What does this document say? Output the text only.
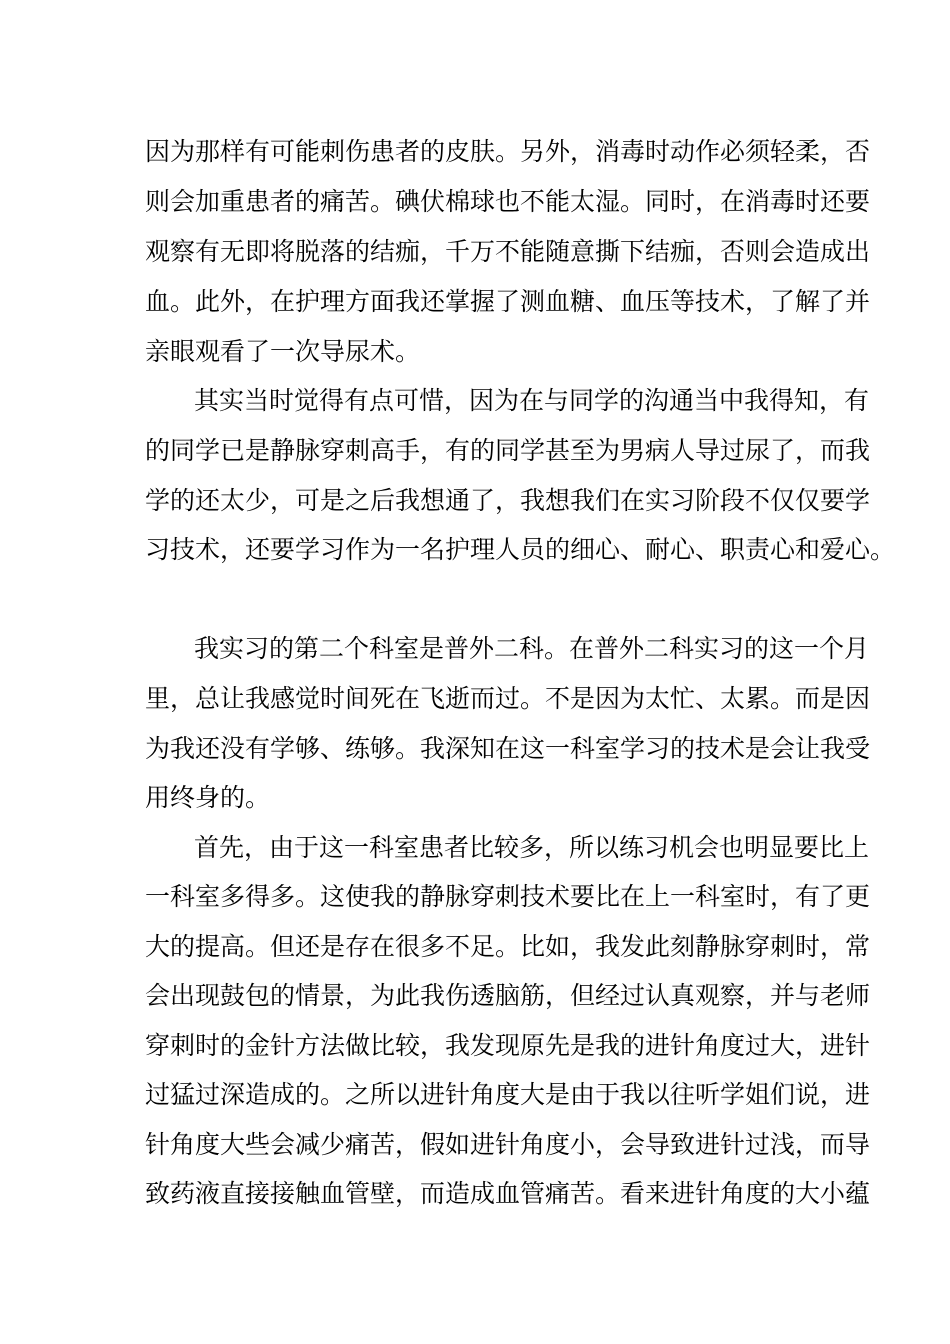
因为那样有可能刺伤患者的皮肤。另外，消毒时动作必须轻柔，否
则会加重患者的痛苦。碘伏棉球也不能太湿。同时，在消毒时还要
观察有无即将脱落的结痂，千万不能随意撕下结痂，否则会造成出
血。此外，在护理方面我还掌握了测血糖、血压等技术，了解了并
亲眼观看了一次导尿术。
其实当时觉得有点可惜，因为在与同学的沟通当中我得知，有
的同学已是静脉穿刺高手，有的同学甚至为男病人导过尿了，而我
学的还太少，可是之后我想通了，我想我们在实习阶段不仅仅要学
习技术，还要学习作为一名护理人员的细心、耐心、职责心和爱心。
我实习的第二个科室是普外二科。在普外二科实习的这一个月
里，总让我感觉时间死在飞逝而过。不是因为太忙、太累。而是因
为我还没有学够、练够。我深知在这一科室学习的技术是会让我受
用终身的。
首先，由于这一科室患者比较多，所以练习机会也明显要比上
一科室多得多。这使我的静脉穿刺技术要比在上一科室时，有了更
大的提高。但还是存在很多不足。比如，我发此刻静脉穿刺时，常
会出现鼓包的情景，为此我伤透脑筋，但经过认真观察，并与老师
穿刺时的金针方法做比较，我发现原先是我的进针角度过大，进针
过猛过深造成的。之所以进针角度大是由于我以往听学姐们说，进
针角度大些会减少痛苦，假如进针角度小，会导致进针过浅，而导
致药液直接接触血管壁，而造成血管痛苦。看来进针角度的大小蕴
